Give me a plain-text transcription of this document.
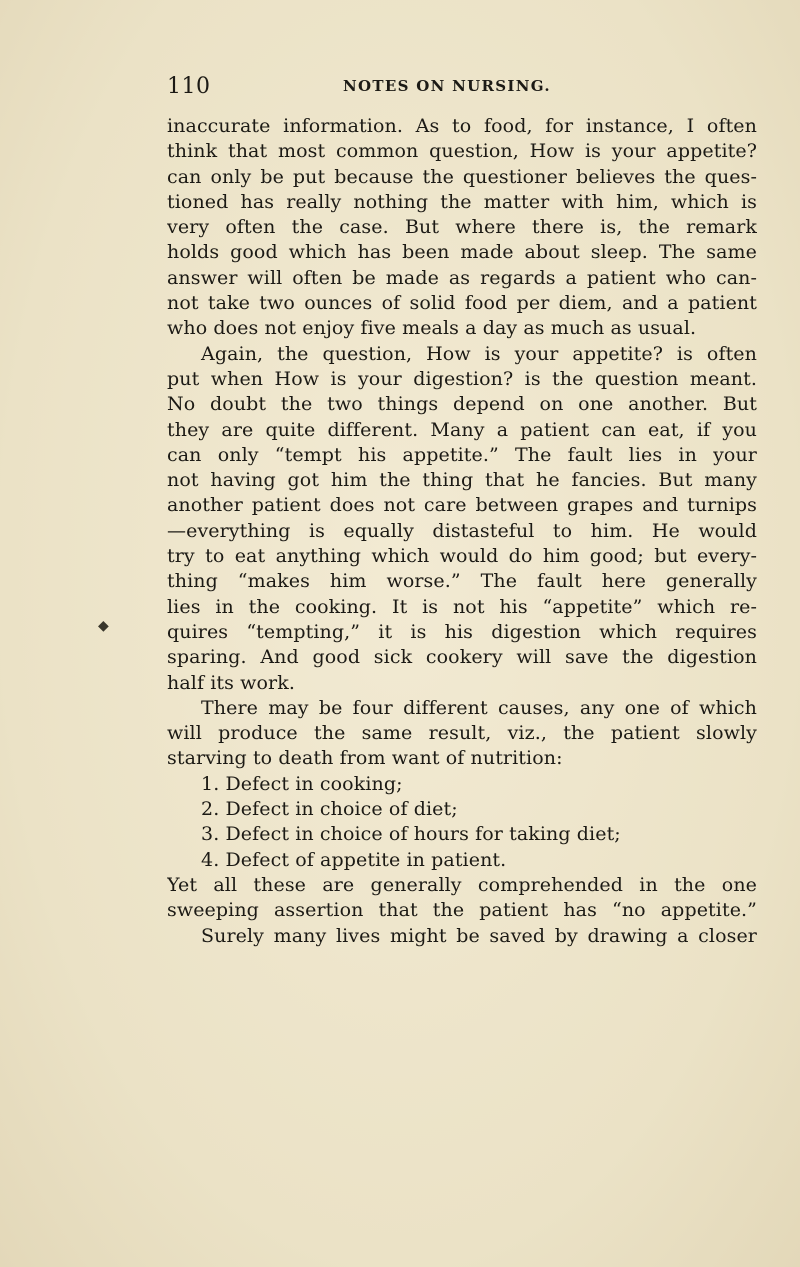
110	NOTES ON NURSING.
inaccurate information. As to food, for instance, I often
think that most common question, How is your appetite?
can only be put because the questioner believes the ques-
tioned has really nothing the matter with him, which is
very often the case. But where there is, the remark
holds good which has been made about sleep. The same
answer will often be made as regards a patient who can-
not take two ounces of solid food per diem, and a patient
who does not enjoy five meals a day as much as usual.
Again, the question, How is your appetite? is often
put when How is your digestion? is the question meant.
No doubt the two things depend on one another. But
they are quite different. Many a patient can eat, if you
can only “tempt his appetite.” The fault lies in your
not having got him the thing that he fancies. But many
another patient does not care between grapes and turnips
—everything is equally distasteful to him. He would
try to eat anything which would do him good; but every-
thing “makes him worse.” The fault here generally
lies in the cooking. It is not his “appetite” which re-
quires “tempting,” it is his digestion which requires
sparing. And good sick cookery will save the digestion
half its work.
There may be four different causes, any one of which
will produce the same result, viz., the patient slowly
starving to death from want of nutrition:
1. Defect in cooking;
2. Defect in choice of diet;
3. Defect in choice of hours for taking diet;
4. Defect of appetite in patient.
Yet all these are generally comprehended in the one
sweeping assertion that the patient has “no appetite.”
Surely many lives might be saved by drawing a closer
◆
